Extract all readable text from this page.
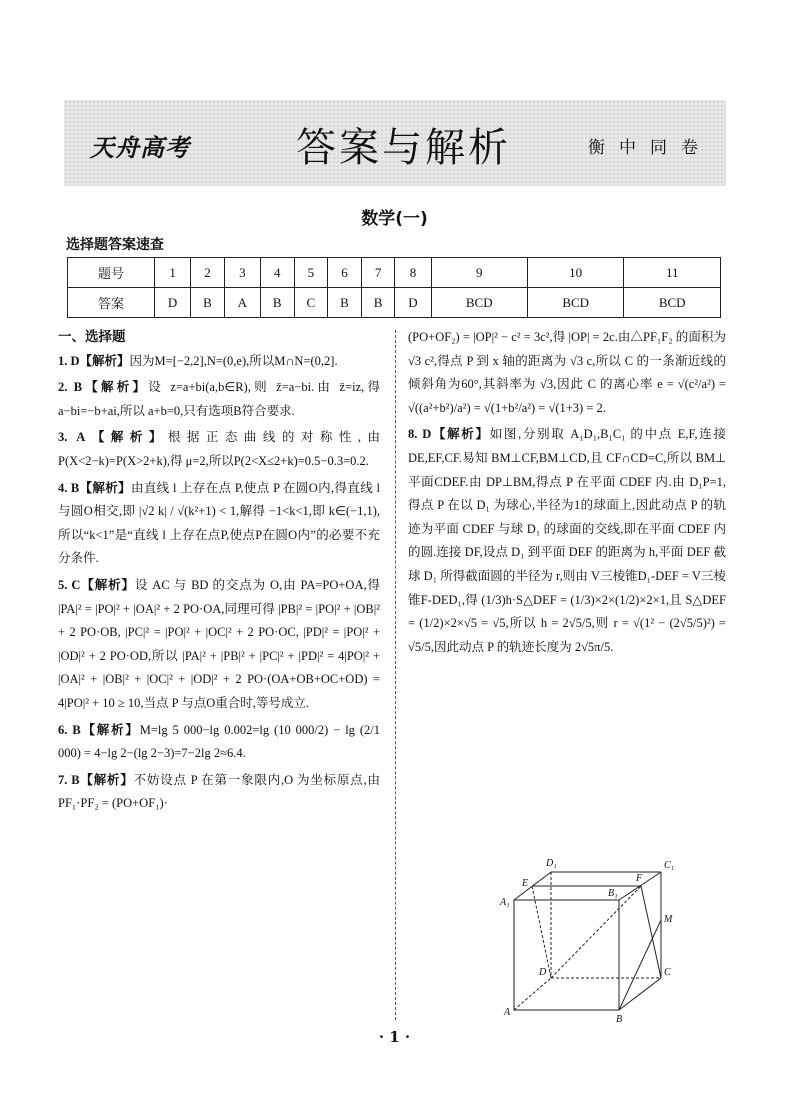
天舟高考	答案与解析	衡中同卷
数学(一)
选择题答案速查
题号	1	2	3	4	5	6	7	8	9	10	11
答案	D	B	A	B	C	B	B	D	BCD	BCD	BCD
一、选择题

1. D【解析】因为M=[−2,2],N=(0,e),所以M∩N=(0,2].

2. B【解析】设 z=a+bi(a,b∈R),则 z̄=a−bi.由 z̄=iz,得 a−bi=−b+ai,所以 a+b=0,只有选项B符合要求.

3. A【解析】根据正态曲线的对称性,由P(X<2−k)=P(X>2+k),得 μ=2,所以P(2<X≤2+k)=0.5−0.3=0.2.

4. B【解析】由直线 l 上存在点 P,使点 P 在圆O内,得直线 l 与圆O相交,即 |√2 k| / √(k²+1) < 1,解得 −1<k<1,即 k∈(−1,1),所以“k<1”是“直线 l 上存在点P,使点P在圆O内”的必要不充分条件.

5. C【解析】设 AC 与 BD 的交点为 O,由 PA=PO+OA,得 |PA|² = |PO|² + |OA|² + 2 PO·OA,同理可得 |PB|² = |PO|² + |OB|² + 2 PO·OB, |PC|² = |PO|² + |OC|² + 2 PO·OC, |PD|² = |PO|² + |OD|² + 2 PO·OD,所以 |PA|² + |PB|² + |PC|² + |PD|² = 4|PO|² + |OA|² + |OB|² + |OC|² + |OD|² + 2 PO·(OA+OB+OC+OD) = 4|PO|² + 10 ≥ 10,当点 P 与点O重合时,等号成立.

6. B【解析】M=lg 5 000−lg 0.002=lg (10 000/2) − lg (2/1 000) = 4−lg 2−(lg 2−3)=7−2lg 2≈6.4.

7. B【解析】不妨设点 P 在第一象限内,O 为坐标原点,由 PF₁·PF₂ = (PO+OF₁)·

(PO+OF₂) = |OP|² − c² = 3c²,得 |OP| = 2c.由△PF₁F₂ 的面积为 √3 c²,得点 P 到 x 轴的距离为 √3 c,所以 C 的一条渐近线的倾斜角为60°,其斜率为 √3,因此 C 的离心率 e = √(c²/a²) = √((a²+b²)/a²) = √(1+b²/a²) = √(1+3) = 2.

8. D【解析】如图,分别取 A₁D₁,B₁C₁ 的中点 E,F,连接 DE,EF,CF.易知 BM⊥CF,BM⊥CD,且 CF∩CD=C,所以 BM⊥平面CDEF.由 DP⊥BM,得点 P 在平面 CDEF 内.由 D₁P=1,得点 P 在以 D₁ 为球心,半径为1的球面上,因此动点 P 的轨迹为平面 CDEF 与球 D₁ 的球面的交线,即在平面 CDEF 内的圆.连接 DF,设点 D₁ 到平面 DEF 的距离为 h,平面 DEF 截球 D₁ 所得截面圆的半径为 r,则由 V三棱锥D₁-DEF = V三棱锥F-DED₁,得 (1/3)h·S△DEF = (1/3)×2×(1/2)×2×1,且 S△DEF = (1/2)×2×√5 = √5,所以 h = 2√5/5,则 r = √(1² − (2√5/5)²) = √5/5,因此动点 P 的轨迹长度为 2√5π/5.

D₁	C₁
E	F
A₁
B₁
M
D	C
A
B
· 1 ·
